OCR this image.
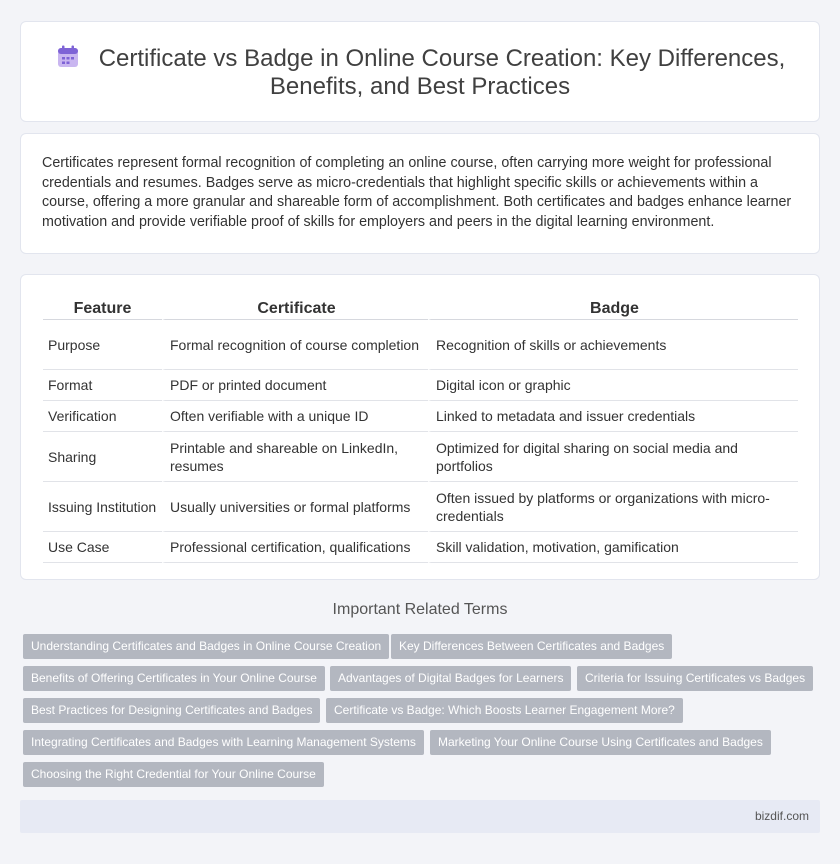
Certificate vs Badge in Online Course Creation: Key Differences,
Benefits, and Best Practices

Certificates represent formal recognition of completing an online course, often carrying more weight for professional credentials and resumes. Badges serve as micro-credentials that highlight specific skills or achievements within a course, offering a more granular and shareable form of accomplishment. Both certificates and badges enhance learner motivation and provide verifiable proof of skills for employers and peers in the digital learning environment.

Feature	Certificate	Badge
Purpose	Formal recognition of course completion	Recognition of skills or achievements
Format	PDF or printed document	Digital icon or graphic
Verification	Often verifiable with a unique ID	Linked to metadata and issuer credentials
Sharing	Printable and shareable on LinkedIn, resumes	Optimized for digital sharing on social media and portfolios
Issuing Institution	Usually universities or formal platforms	Often issued by platforms or organizations with micro-credentials
Use Case	Professional certification, qualifications	Skill validation, motivation, gamification
Important Related Terms
Understanding Certificates and Badges in Online Course Creation	Key Differences Between Certificates and Badges
Benefits of Offering Certificates in Your Online Course	Advantages of Digital Badges for Learners	Criteria for Issuing Certificates vs Badges
Best Practices for Designing Certificates and Badges	Certificate vs Badge: Which Boosts Learner Engagement More?
Integrating Certificates and Badges with Learning Management Systems	Marketing Your Online Course Using Certificates and Badges
Choosing the Right Credential for Your Online Course
bizdif.com
